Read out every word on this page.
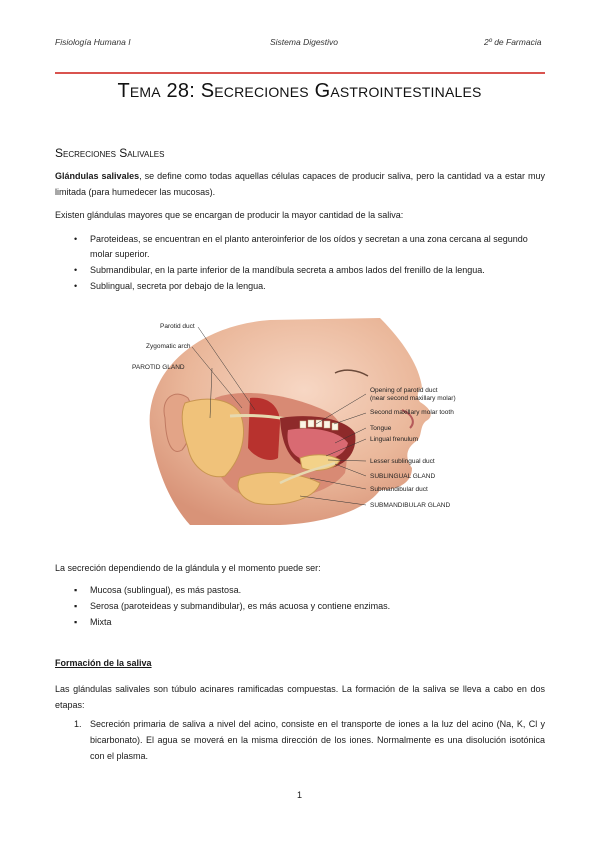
Fisiología Humana I	Sistema Digestivo	2º de Farmacia
Tema 28: Secreciones Gastrointestinales
Secreciones Salivales
Glándulas salivales, se define como todas aquellas células capaces de producir saliva, pero la cantidad va a estar muy limitada (para humedecer las mucosas).
Existen glándulas mayores que se encargan de producir la mayor cantidad de la saliva:
• Paroteideas, se encuentran en el planto anteroinferior de los oídos y secretan a una zona cercana al segundo molar superior.
• Submandibular, en la parte inferior de la mandíbula secreta a ambos lados del frenillo de la lengua.
• Sublingual, secreta por debajo de la lengua.
Parotid duct
Zygomatic arch
PAROTID GLAND
Opening of parotid duct
(near second maxillary molar)
Second maxillary molar tooth
Tongue
Lingual frenulum
Lesser sublingual duct
SUBLINGUAL GLAND
Submandibular duct
SUBMANDIBULAR GLAND
La secreción dependiendo de la glándula y el momento puede ser:
▪ Mucosa (sublingual), es más pastosa.
▪ Serosa (paroteideas y submandibular), es más acuosa y contiene enzimas.
▪ Mixta
Formación de la saliva
Las glándulas salivales son túbulo acinares ramificadas compuestas. La formación de la saliva se lleva a cabo en dos etapas:
1. Secreción primaria de saliva a nivel del acino, consiste en el transporte de iones a la luz del acino (Na, K, Cl y bicarbonato). El agua se moverá en la misma dirección de los iones. Normalmente es una disolución isotónica con el plasma.
1
